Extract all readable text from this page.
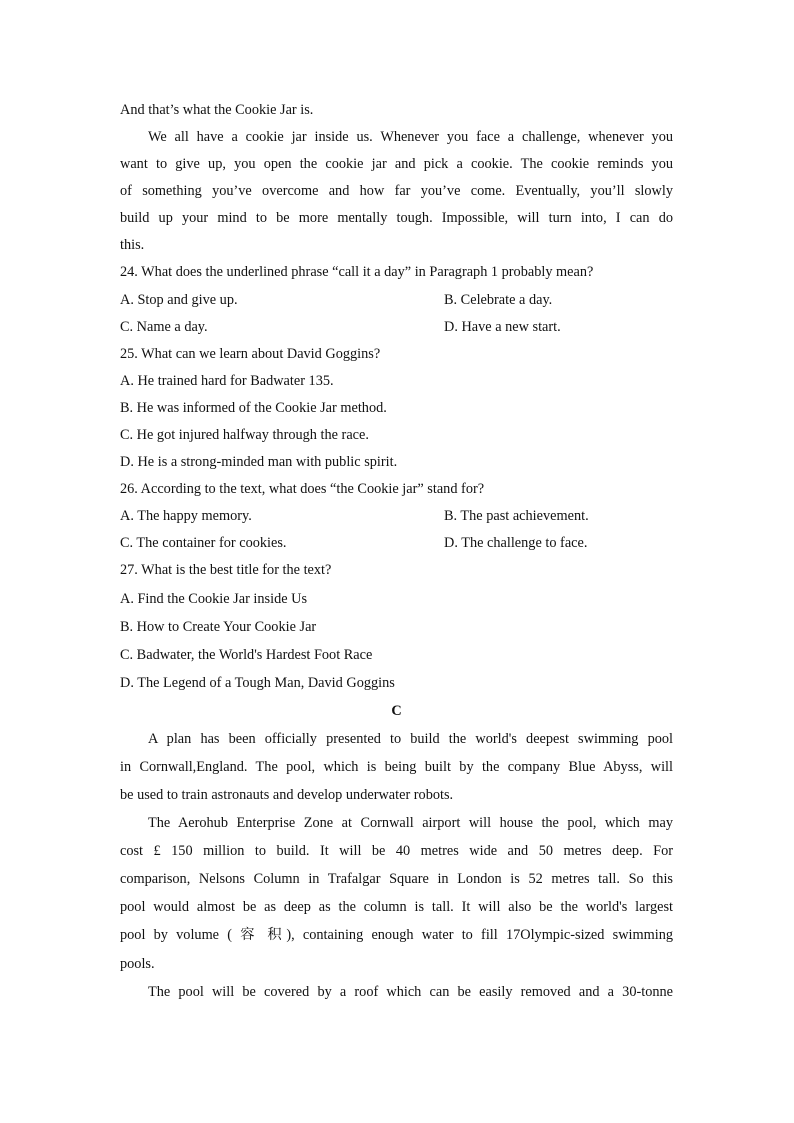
And that’s what the Cookie Jar is.
We all have a cookie jar inside us. Whenever you face a challenge, whenever you
want to give up, you open the cookie jar and pick a cookie. The cookie reminds you
of something you’ve overcome and how far you’ve come. Eventually, you’ll slowly
build up your mind to be more mentally tough. Impossible, will turn into, I can do
this.
24. What does the underlined phrase “call it a day” in Paragraph 1 probably mean?
A. Stop and give up.	B. Celebrate a day.
C. Name a day.	D. Have a new start.
25. What can we learn about David Goggins?
A. He trained hard for Badwater 135.
B. He was informed of the Cookie Jar method.
C. He got injured halfway through the race.
D. He is a strong-minded man with public spirit.
26. According to the text, what does “the Cookie jar” stand for?
A. The happy memory.	B. The past achievement.
C. The container for cookies.	D. The challenge to face.
27. What is the best title for the text?
A. Find the Cookie Jar inside Us
B. How to Create Your Cookie Jar
C. Badwater, the World's Hardest Foot Race
D. The Legend of a Tough Man, David Goggins
C
A plan has been officially presented to build the world's deepest swimming pool
in Cornwall,England. The pool, which is being built by the company Blue Abyss, will
be used to train astronauts and develop underwater robots.
The Aerohub Enterprise Zone at Cornwall airport will house the pool, which may
cost £ 150 million to build. It will be 40 metres wide and 50 metres deep. For
comparison, Nelsons Column in Trafalgar Square in London is 52 metres tall. So this
pool would almost be as deep as the column is tall. It will also be the world's largest
pool by volume ( 容 积), containing enough water to fill 17Olympic-sized swimming
pools.
The pool will be covered by a roof which can be easily removed and a 30-tonne
